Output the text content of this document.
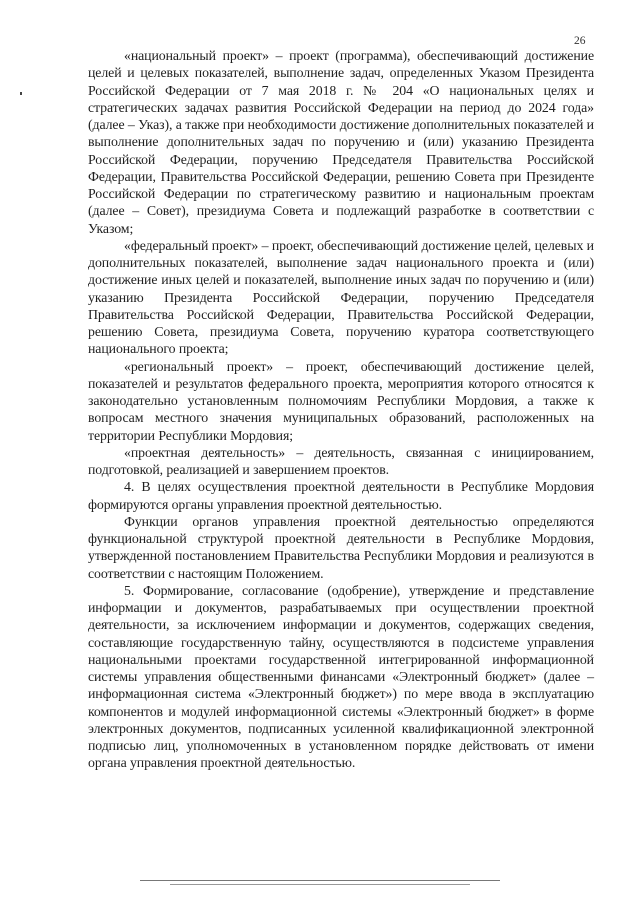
26

«национальный проект» – проект (программа), обеспечивающий достижение целей и целевых показателей, выполнение задач, определенных Указом Президента Российской Федерации от 7 мая 2018 г. № 204 «О национальных целях и стратегических задачах развития Российской Федерации на период до 2024 года» (далее – Указ), а также при необходимости достижение дополнительных показателей и выполнение дополнительных задач по поручению и (или) указанию Президента Российской Федерации, поручению Председателя Правительства Российской Федерации, Правительства Российской Федерации, решению Совета при Президенте Российской Федерации по стратегическому развитию и национальным проектам (далее – Совет), президиума Совета и подлежащий разработке в соответствии с Указом;

«федеральный проект» – проект, обеспечивающий достижение целей, целевых и дополнительных показателей, выполнение задач национального проекта и (или) достижение иных целей и показателей, выполнение иных задач по поручению и (или) указанию Президента Российской Федерации, поручению Председателя Правительства Российской Федерации, Правительства Российской Федерации, решению Совета, президиума Совета, поручению куратора соответствующего национального проекта;

«региональный проект» – проект, обеспечивающий достижение целей, показателей и результатов федерального проекта, мероприятия которого относятся к законодательно установленным полномочиям Республики Мордовия, а также к вопросам местного значения муниципальных образований, расположенных на территории Республики Мордовия;

«проектная деятельность» – деятельность, связанная с инициированием, подготовкой, реализацией и завершением проектов.

4. В целях осуществления проектной деятельности в Республике Мордовия формируются органы управления проектной деятельностью.

Функции органов управления проектной деятельностью определяются функциональной структурой проектной деятельности в Республике Мордовия, утвержденной постановлением Правительства Республики Мордовия и реализуются в соответствии с настоящим Положением.

5. Формирование, согласование (одобрение), утверждение и представление информации и документов, разрабатываемых при осуществлении проектной деятельности, за исключением информации и документов, содержащих сведения, составляющие государственную тайну, осуществляются в подсистеме управления национальными проектами государственной интегрированной информационной системы управления общественными финансами «Электронный бюджет» (далее – информационная система «Электронный бюджет») по мере ввода в эксплуатацию компонентов и модулей информационной системы «Электронный бюджет» в форме электронных документов, подписанных усиленной квалификационной электронной подписью лиц, уполномоченных в установленном порядке действовать от имени органа управления проектной деятельностью.
